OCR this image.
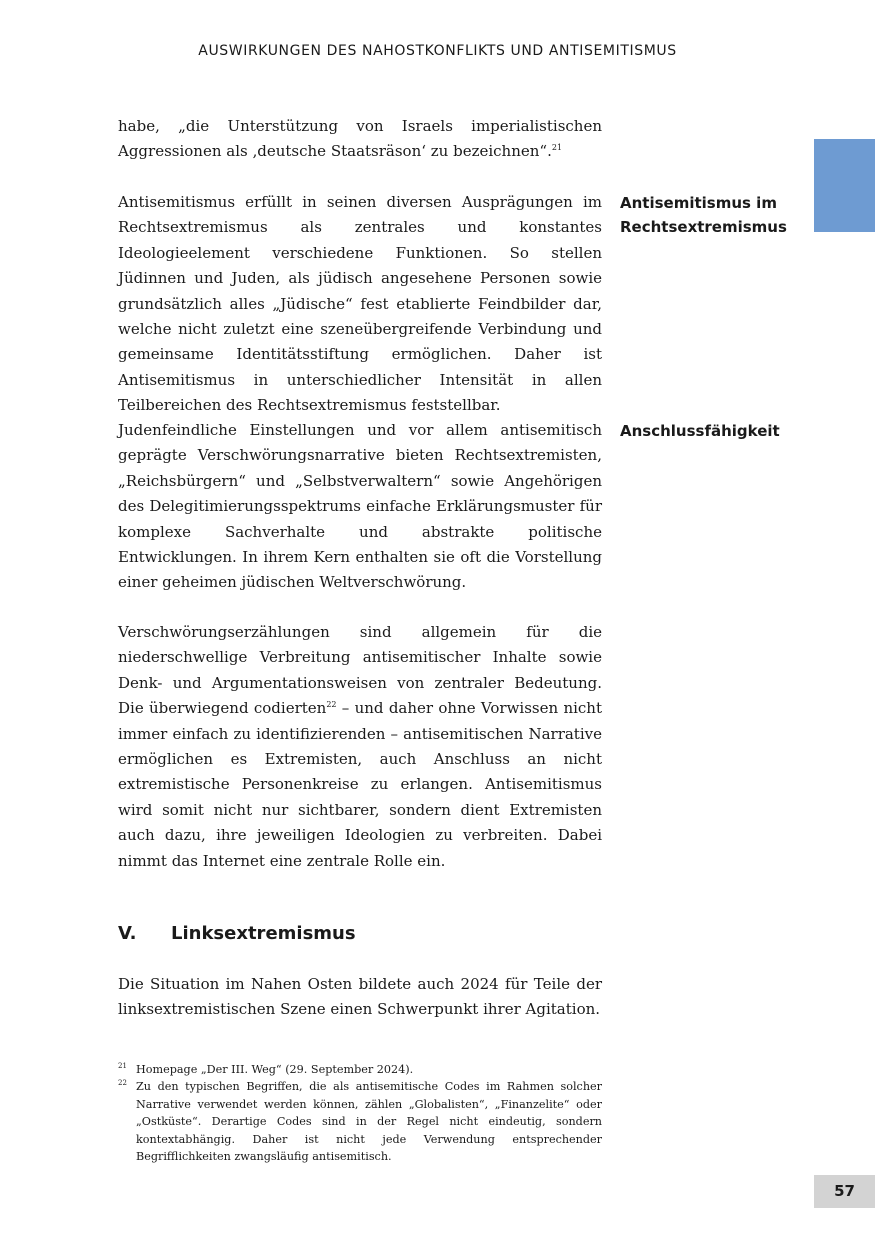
AUSWIRKUNGEN DES NAHOSTKONFLIKTS UND ANTISEMITISMUS

habe, „die Unterstützung von Israels imperialistischen Aggressionen als ‚deutsche Staatsräson‘ zu bezeichnen“.$^{21}$

Antisemitismus erfüllt in seinen diversen Ausprägungen im Rechtsextremismus als zentrales und konstantes Ideologieelement verschiedene Funktionen. So stellen Jüdinnen und Juden, als jüdisch angesehene Personen sowie grundsätzlich alles „Jüdische“ fest etablierte Feindbilder dar, welche nicht zuletzt eine szeneübergreifende Verbindung und gemeinsame Identitätsstiftung ermöglichen. Daher ist Antisemitismus in unterschiedlicher Intensität in allen Teilbereichen des Rechtsextremismus feststellbar.

Antisemitismus im
Rechtsextremismus

Judenfeindliche Einstellungen und vor allem antisemitisch geprägte Verschwörungsnarrative bieten Rechtsextremisten, „Reichsbürgern“ und „Selbstverwaltern“ sowie Angehörigen des Delegitimierungsspektrums einfache Erklärungsmuster für komplexe Sachverhalte und abstrakte politische Entwicklungen. In ihrem Kern enthalten sie oft die Vorstellung einer geheimen jüdischen Weltverschwörung.

Anschlussfähigkeit

Verschwörungserzählungen sind allgemein für die niederschwellige Verbreitung antisemitischer Inhalte sowie Denk- und Argumentationsweisen von zentraler Bedeutung. Die überwiegend codierten$^{22}$ – und daher ohne Vorwissen nicht immer einfach zu identifizierenden – antisemitischen Narrative ermöglichen es Extremisten, auch Anschluss an nicht extremistische Personenkreise zu erlangen. Antisemitismus wird somit nicht nur sichtbarer, sondern dient Extremisten auch dazu, ihre jeweiligen Ideologien zu verbreiten. Dabei nimmt das Internet eine zentrale Rolle ein.

V. Linksextremismus

Die Situation im Nahen Osten bildete auch 2024 für Teile der linksextremistischen Szene einen Schwerpunkt ihrer Agitation.

21 Homepage „Der III. Weg“ (29. September 2024).

22 Zu den typischen Begriffen, die als antisemitische Codes im Rahmen solcher Narrative verwendet werden können, zählen „Globalisten“, „Finanzelite“ oder „Ostküste“. Derartige Codes sind in der Regel nicht eindeutig, sondern kontextabhängig. Daher ist nicht jede Verwendung entsprechender Begrifflichkeiten zwangsläufig antisemitisch.

57
